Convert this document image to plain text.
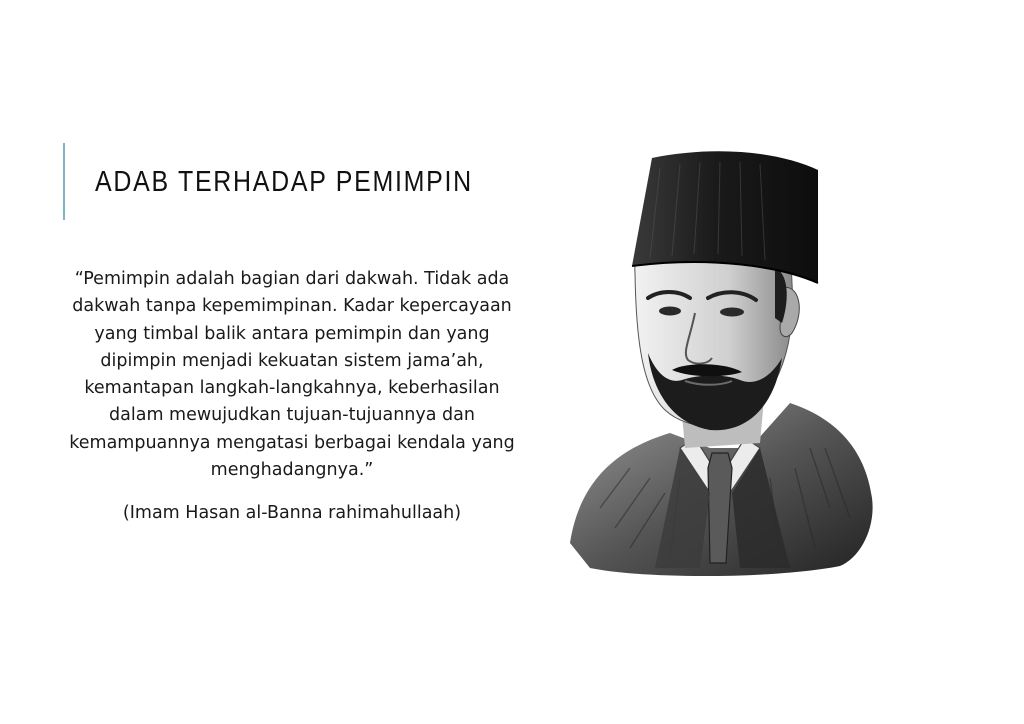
ADAB TERHADAP PEMIMPIN

“Pemimpin adalah bagian dari dakwah. Tidak ada
dakwah tanpa kepemimpinan. Kadar kepercayaan
yang timbal balik antara pemimpin dan yang
dipimpin menjadi kekuatan sistem jama’ah,
kemantapan langkah-langkahnya, keberhasilan
dalam mewujudkan tujuan-tujuannya dan
kemampuannya mengatasi berbagai kendala yang
menghadangnya.”

(Imam Hasan al-Banna rahimahullaah)
